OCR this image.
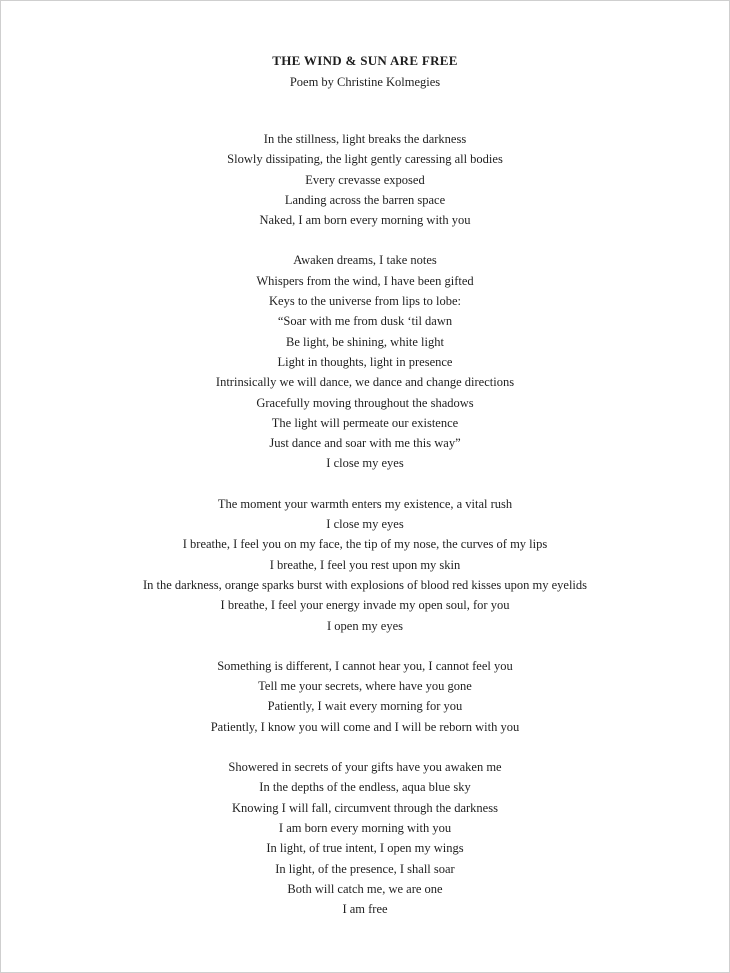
THE WIND & SUN ARE FREE
Poem by Christine Kolmegies
In the stillness, light breaks the darkness
Slowly dissipating, the light gently caressing all bodies
Every crevasse exposed
Landing across the barren space
Naked, I am born every morning with you
Awaken dreams, I take notes
Whispers from the wind, I have been gifted
Keys to the universe from lips to lobe:
“Soar with me from dusk ‘til dawn
Be light, be shining, white light
Light in thoughts, light in presence
Intrinsically we will dance, we dance and change directions
Gracefully moving throughout the shadows
The light will permeate our existence
Just dance and soar with me this way”
I close my eyes
The moment your warmth enters my existence, a vital rush
I close my eyes
I breathe, I feel you on my face, the tip of my nose, the curves of my lips
I breathe, I feel you rest upon my skin
In the darkness, orange sparks burst with explosions of blood red kisses upon my eyelids
I breathe, I feel your energy invade my open soul, for you
I open my eyes
Something is different, I cannot hear you, I cannot feel you
Tell me your secrets, where have you gone
Patiently, I wait every morning for you
Patiently, I know you will come and I will be reborn with you
Showered in secrets of your gifts have you awaken me
In the depths of the endless, aqua blue sky
Knowing I will fall, circumvent through the darkness
I am born every morning with you
In light, of true intent, I open my wings
In light, of the presence, I shall soar
Both will catch me, we are one
I am free
